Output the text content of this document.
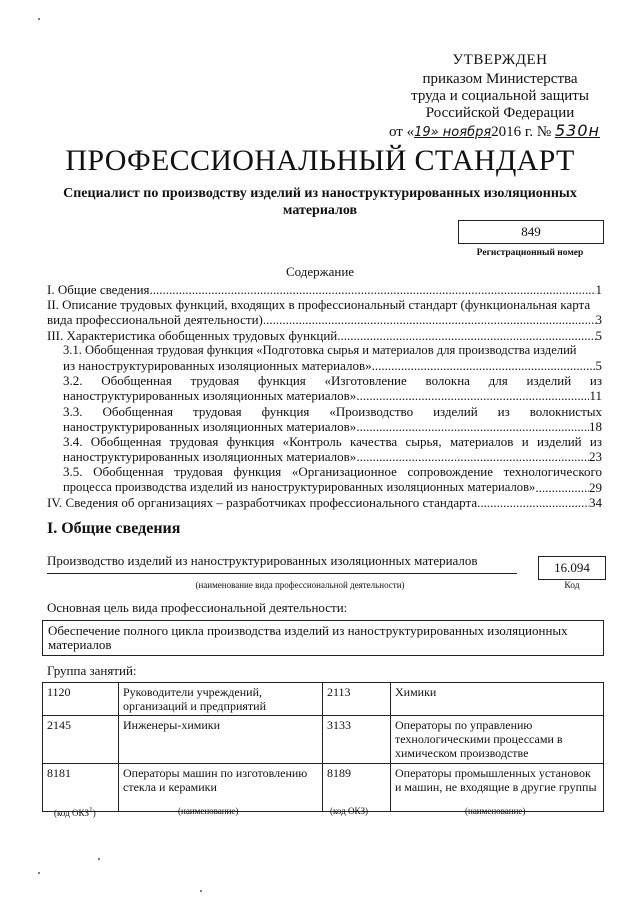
УТВЕРЖДЕН
приказом Министерства
труда и социальной защиты
Российской Федерации
от «19» ноября2016 г. № 530н
ПРОФЕССИОНАЛЬНЫЙ СТАНДАРТ
Специалист по производству изделий из наноструктурированных изоляционных материалов
849
Регистрационный номер
Содержание
I. Общие сведения .....	1
II. Описание трудовых функций, входящих в профессиональный стандарт (функциональная карта
вида профессиональной деятельности) .....	3
III. Характеристика обобщенных трудовых функций .....	5
3.1. Обобщенная трудовая функция «Подготовка сырья и материалов для производства изделий
из наноструктурированных изоляционных материалов» .....	5
3.2. Обобщенная трудовая функция «Изготовление волокна для изделий из
наноструктурированных изоляционных материалов» .....	11
3.3. Обобщенная трудовая функция «Производство изделий из волокнистых
наноструктурированных изоляционных материалов» .....	18
3.4. Обобщенная трудовая функция «Контроль качества сырья, материалов и изделий из
наноструктурированных изоляционных материалов» .....	23
3.5. Обобщенная трудовая функция «Организационное сопровождение технологического
процесса производства изделий из наноструктурированных изоляционных материалов» .....	29
IV. Сведения об организациях – разработчиках профессионального стандарта .....	34
I. Общие сведения
Производство изделий из наноструктурированных изоляционных материалов	16.094
(наименование вида профессиональной деятельности)	Код
Основная цель вида профессиональной деятельности:
Обеспечение полного цикла производства изделий из наноструктурированных изоляционных материалов
Группа занятий:
1120	Руководители учреждений, организаций и предприятий	2113	Химики
2145	Инженеры-химики	3133	Операторы по управлению технологическими процессами в химическом производстве
8181	Операторы машин по изготовлению стекла и керамики	8189	Операторы промышленных установок и машин, не входящие в другие группы
(код ОКЗ$^1$)	(наименование)	(код ОКЗ)	(наименование)
